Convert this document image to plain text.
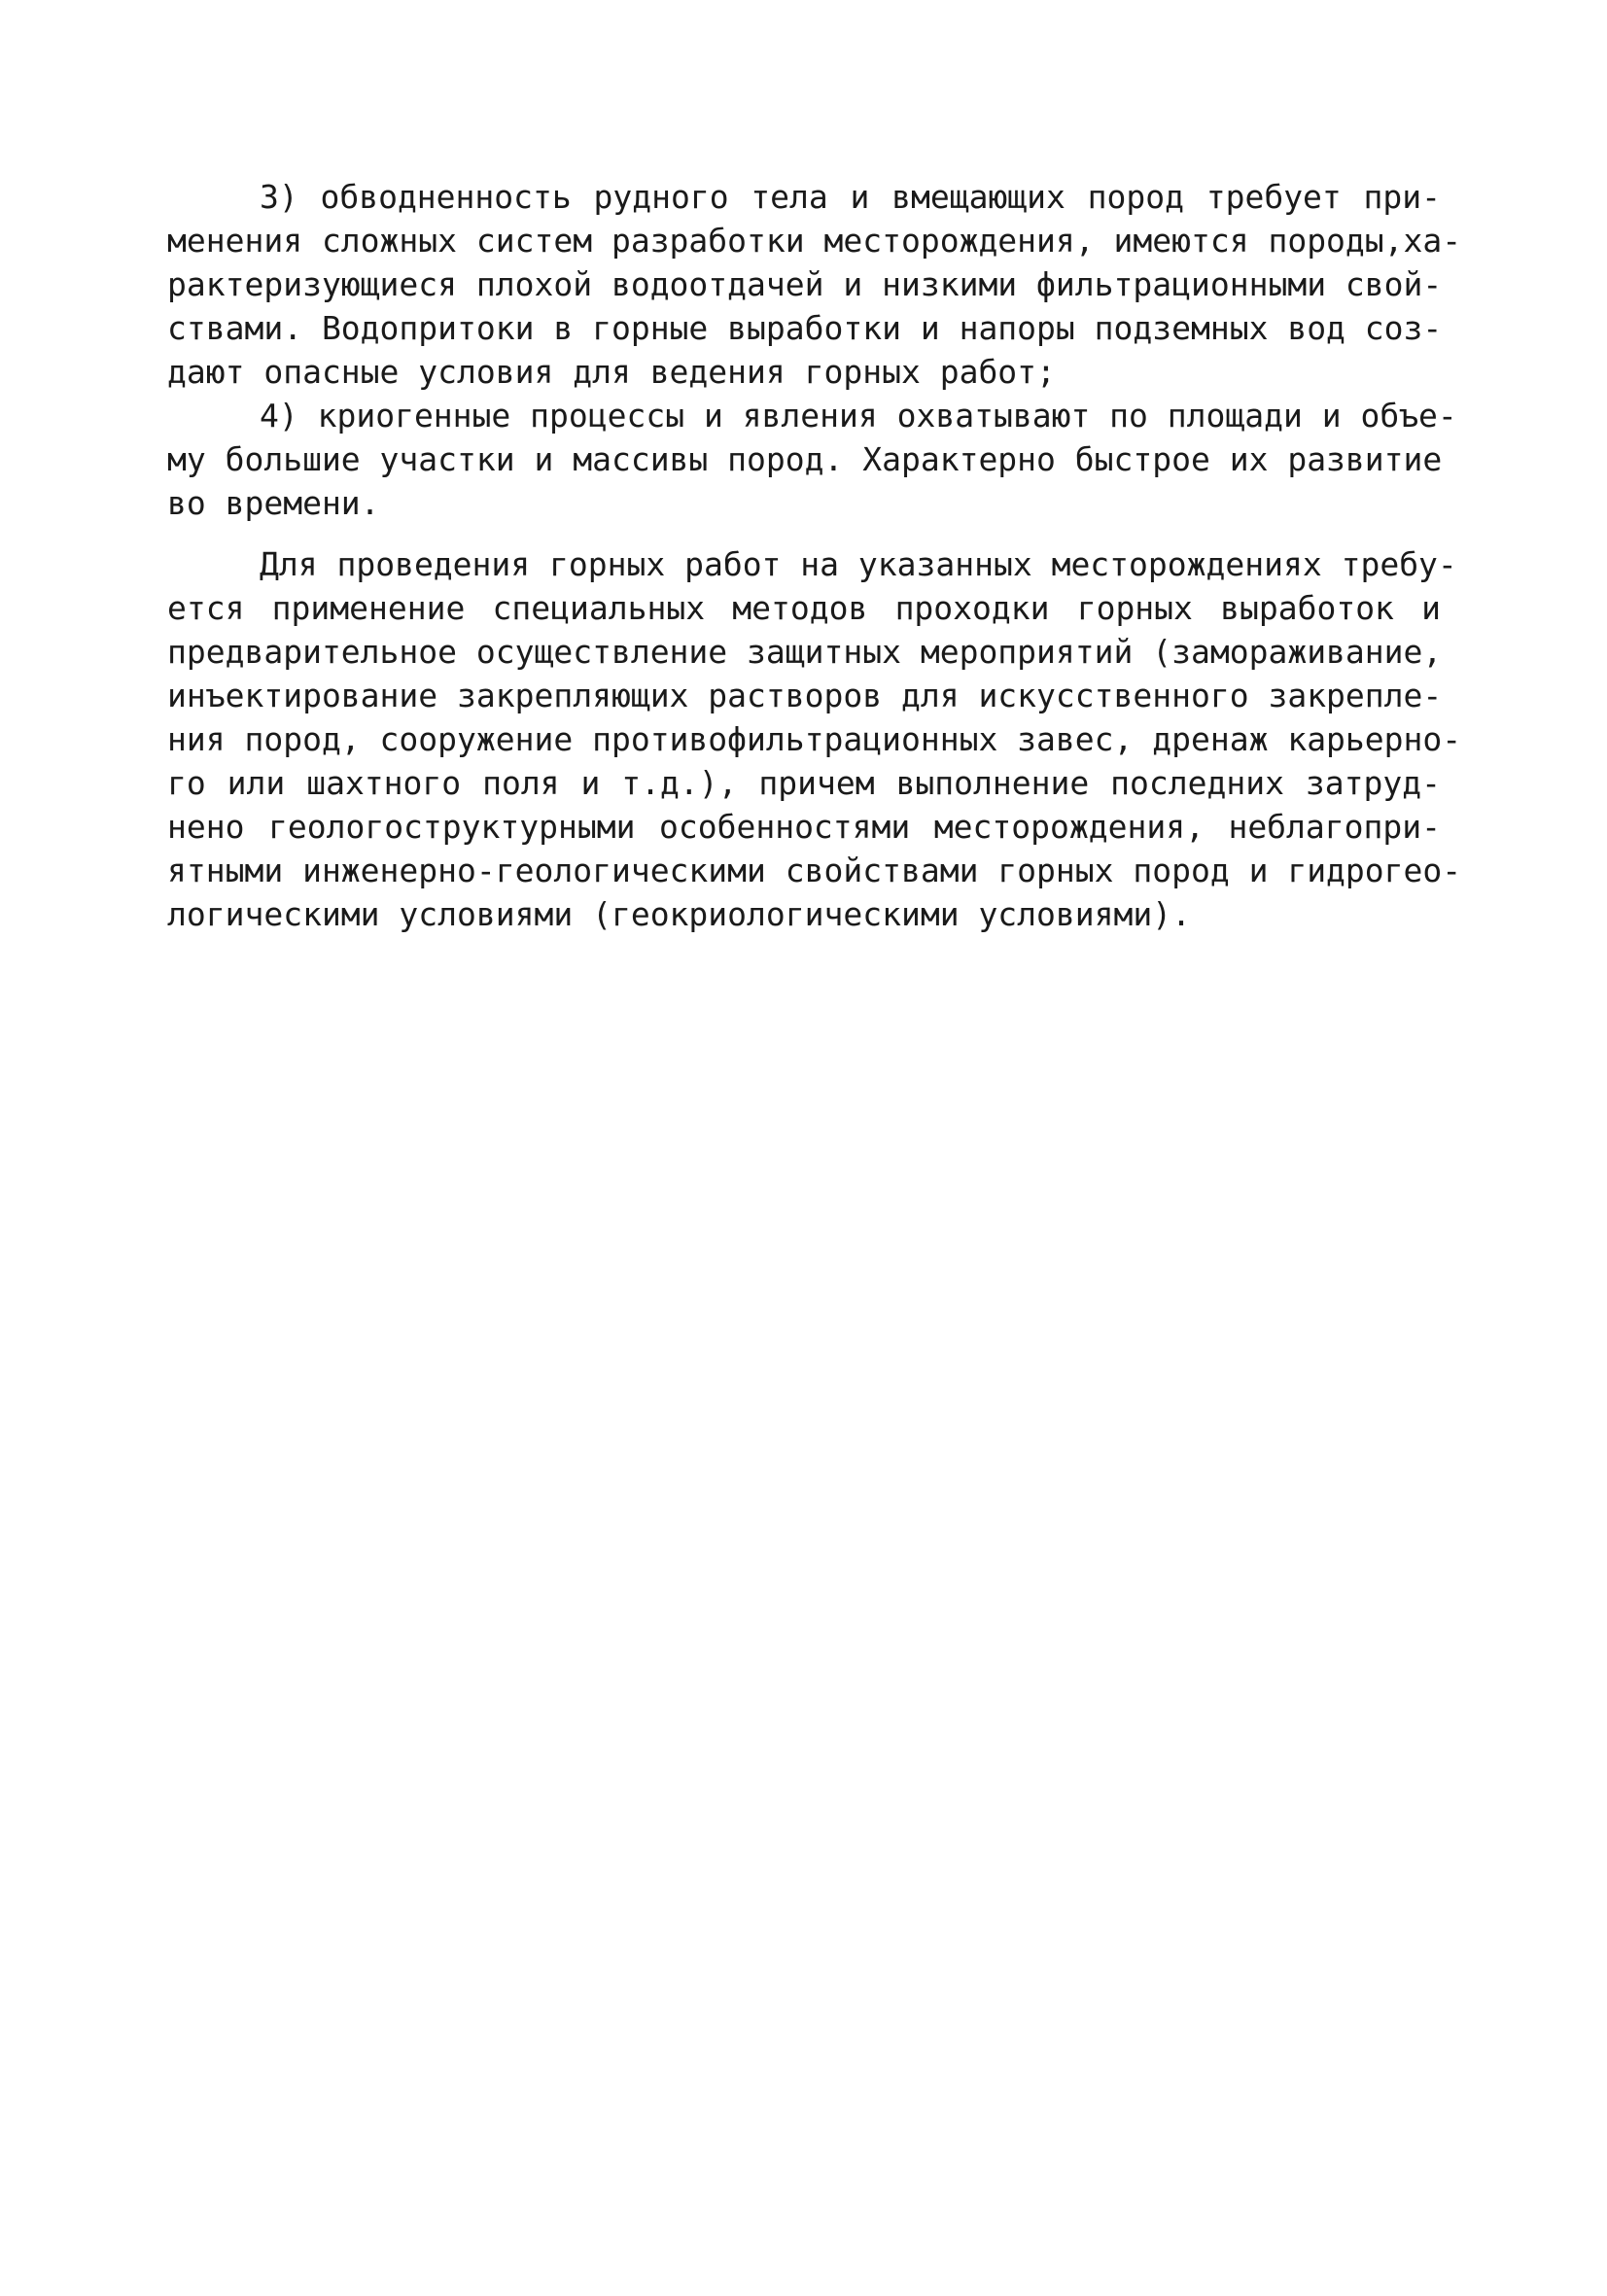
3) обводненность рудного тела и вмещающих пород требует при-
менения сложных систем разработки месторождения, имеются породы,ха-
рактеризующиеся плохой водоотдачей и низкими фильтрационными свой-
ствами. Водопритоки в горные выработки и напоры подземных вод соз-
дают опасные условия для ведения горных работ;
4) криогенные процессы и явления охватывают по площади и объе-
му большие участки и массивы пород. Характерно быстрое их развитие
во времени.
Для проведения горных работ на указанных месторождениях требу-
ется применение специальных методов проходки горных выработок и
предварительное осуществление защитных мероприятий (замораживание,
инъектирование закрепляющих растворов для искусственного закрепле-
ния пород, сооружение противофильтрационных завес, дренаж карьерно-
го или шахтного поля и т.д.), причем выполнение последних затруд-
нено геологоструктурными особенностями месторождения, неблагопри-
ятными инженерно-геологическими свойствами горных пород и гидрогео-
логическими условиями (геокриологическими условиями).
